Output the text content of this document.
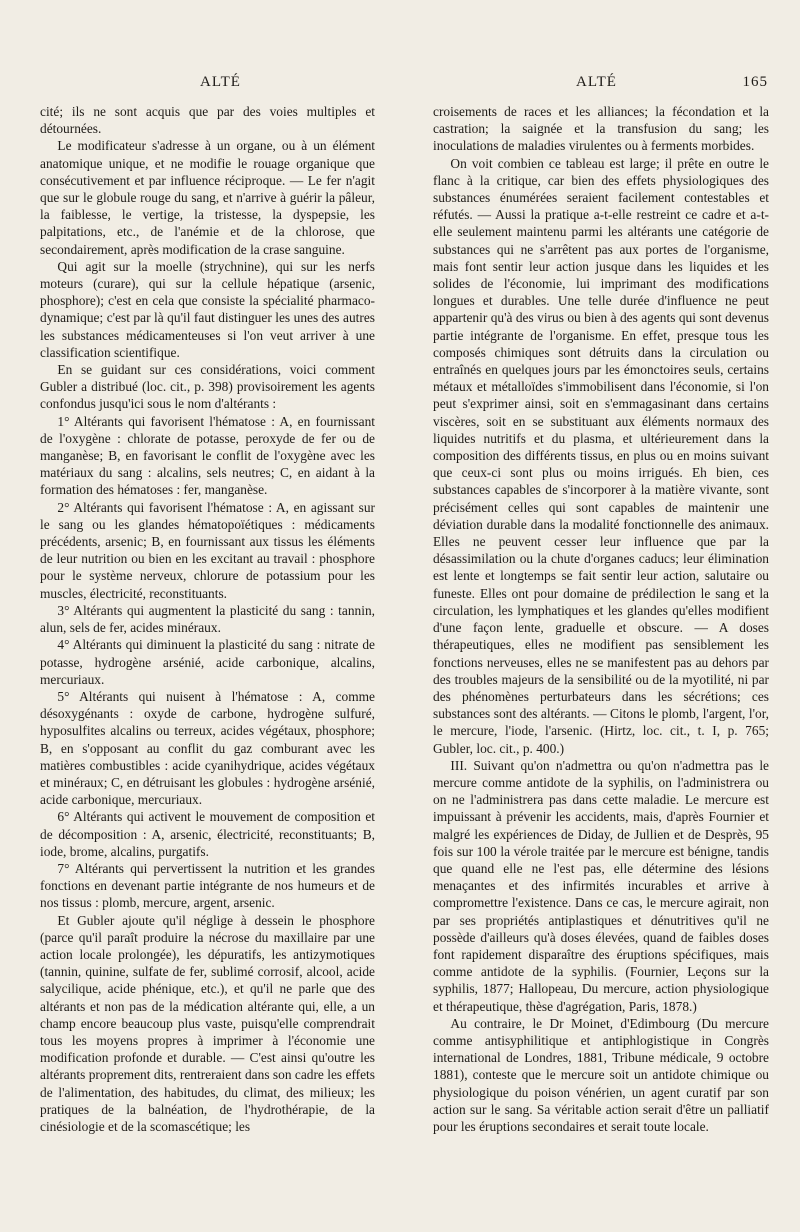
ALTÉ	ALTÉ	165

cité; ils ne sont acquis que par des voies multiples et détournées.

Le modificateur s'adresse à un organe, ou à un élément anatomique unique, et ne modifie le rouage organique que consécutivement et par influence réciproque. — Le fer n'agit que sur le globule rouge du sang, et n'arrive à guérir la pâleur, la faiblesse, le vertige, la tristesse, la dyspepsie, les palpitations, etc., de l'anémie et de la chlorose, que secondairement, après modification de la crase sanguine.

Qui agit sur la moelle (strychnine), qui sur les nerfs moteurs (curare), qui sur la cellule hépatique (arsenic, phosphore); c'est en cela que consiste la spécialité pharmaco-dynamique; c'est par là qu'il faut distinguer les unes des autres les substances médicamenteuses si l'on veut arriver à une classification scientifique.

En se guidant sur ces considérations, voici comment Gubler a distribué (loc. cit., p. 398) provisoirement les agents confondus jusqu'ici sous le nom d'altérants :

1° Altérants qui favorisent l'hématose : A, en fournissant de l'oxygène : chlorate de potasse, peroxyde de fer ou de manganèse; B, en favorisant le conflit de l'oxygène avec les matériaux du sang : alcalins, sels neutres; C, en aidant à la formation des hématoses : fer, manganèse.

2° Altérants qui favorisent l'hématose : A, en agissant sur le sang ou les glandes hématopoïétiques : médicaments précédents, arsenic; B, en fournissant aux tissus les éléments de leur nutrition ou bien en les excitant au travail : phosphore pour le système nerveux, chlorure de potassium pour les muscles, électricité, reconstituants.

3° Altérants qui augmentent la plasticité du sang : tannin, alun, sels de fer, acides minéraux.

4° Altérants qui diminuent la plasticité du sang : nitrate de potasse, hydrogène arsénié, acide carbonique, alcalins, mercuriaux.

5° Altérants qui nuisent à l'hématose : A, comme désoxygénants : oxyde de carbone, hydrogène sulfuré, hyposulfites alcalins ou terreux, acides végétaux, phosphore; B, en s'opposant au conflit du gaz comburant avec les matières combustibles : acide cyanihydrique, acides végétaux et minéraux; C, en détruisant les globules : hydrogène arsénié, acide carbonique, mercuriaux.

6° Altérants qui activent le mouvement de composition et de décomposition : A, arsenic, électricité, reconstituants; B, iode, brome, alcalins, purgatifs.

7° Altérants qui pervertissent la nutrition et les grandes fonctions en devenant partie intégrante de nos humeurs et de nos tissus : plomb, mercure, argent, arsenic.

Et Gubler ajoute qu'il néglige à dessein le phosphore (parce qu'il paraît produire la nécrose du maxillaire par une action locale prolongée), les dépuratifs, les antizymotiques (tannin, quinine, sulfate de fer, sublimé corrosif, alcool, acide salycilique, acide phénique, etc.), et qu'il ne parle que des altérants et non pas de la médication altérante qui, elle, a un champ encore beaucoup plus vaste, puisqu'elle comprendrait tous les moyens propres à imprimer à l'économie une modification profonde et durable. — C'est ainsi qu'outre les altérants proprement dits, rentreraient dans son cadre les effets de l'alimentation, des habitudes, du climat, des milieux; les pratiques de la balnéation, de l'hydrothérapie, de la cinésiologie et de la scomascétique; les

croisements de races et les alliances; la fécondation et la castration; la saignée et la transfusion du sang; les inoculations de maladies virulentes ou à ferments morbides.

On voit combien ce tableau est large; il prête en outre le flanc à la critique, car bien des effets physiologiques des substances énumérées seraient facilement contestables et réfutés. — Aussi la pratique a-t-elle restreint ce cadre et a-t-elle seulement maintenu parmi les altérants une catégorie de substances qui ne s'arrêtent pas aux portes de l'organisme, mais font sentir leur action jusque dans les liquides et les solides de l'économie, lui imprimant des modifications longues et durables. Une telle durée d'influence ne peut appartenir qu'à des virus ou bien à des agents qui sont devenus partie intégrante de l'organisme. En effet, presque tous les composés chimiques sont détruits dans la circulation ou entraînés en quelques jours par les émonctoires seuls, certains métaux et métalloïdes s'immobilisent dans l'économie, si l'on peut s'exprimer ainsi, soit en s'emmagasinant dans certains viscères, soit en se substituant aux éléments normaux des liquides nutritifs et du plasma, et ultérieurement dans la composition des différents tissus, en plus ou en moins suivant que ceux-ci sont plus ou moins irrigués. Eh bien, ces substances capables de s'incorporer à la matière vivante, sont précisément celles qui sont capables de maintenir une déviation durable dans la modalité fonctionnelle des animaux. Elles ne peuvent cesser leur influence que par la désassimilation ou la chute d'organes caducs; leur élimination est lente et longtemps se fait sentir leur action, salutaire ou funeste. Elles ont pour domaine de prédilection le sang et la circulation, les lymphatiques et les glandes qu'elles modifient d'une façon lente, graduelle et obscure. — A doses thérapeutiques, elles ne modifient pas sensiblement les fonctions nerveuses, elles ne se manifestent pas au dehors par des troubles majeurs de la sensibilité ou de la myotilité, ni par des phénomènes perturbateurs dans les sécrétions; ces substances sont des altérants. — Citons le plomb, l'argent, l'or, le mercure, l'iode, l'arsenic. (Hirtz, loc. cit., t. I, p. 765; Gubler, loc. cit., p. 400.)

III. Suivant qu'on n'admettra ou qu'on n'admettra pas le mercure comme antidote de la syphilis, on l'administrera ou on ne l'administrera pas dans cette maladie. Le mercure est impuissant à prévenir les accidents, mais, d'après Fournier et malgré les expériences de Diday, de Jullien et de Desprès, 95 fois sur 100 la vérole traitée par le mercure est bénigne, tandis que quand elle ne l'est pas, elle détermine des lésions menaçantes et des infirmités incurables et arrive à compromettre l'existence. Dans ce cas, le mercure agirait, non par ses propriétés antiplastiques et dénutritives qu'il ne possède d'ailleurs qu'à doses élevées, quand de faibles doses font rapidement disparaître des éruptions spécifiques, mais comme antidote de la syphilis. (Fournier, Leçons sur la syphilis, 1877; Hallopeau, Du mercure, action physiologique et thérapeutique, thèse d'agrégation, Paris, 1878.)

Au contraire, le Dr Moinet, d'Edimbourg (Du mercure comme antisyphilitique et antiphlogistique in Congrès international de Londres, 1881, Tribune médicale, 9 octobre 1881), conteste que le mercure soit un antidote chimique ou physiologique du poison vénérien, un agent curatif par son action sur le sang. Sa véritable action serait d'être un palliatif pour les éruptions secondaires et serait toute locale.
